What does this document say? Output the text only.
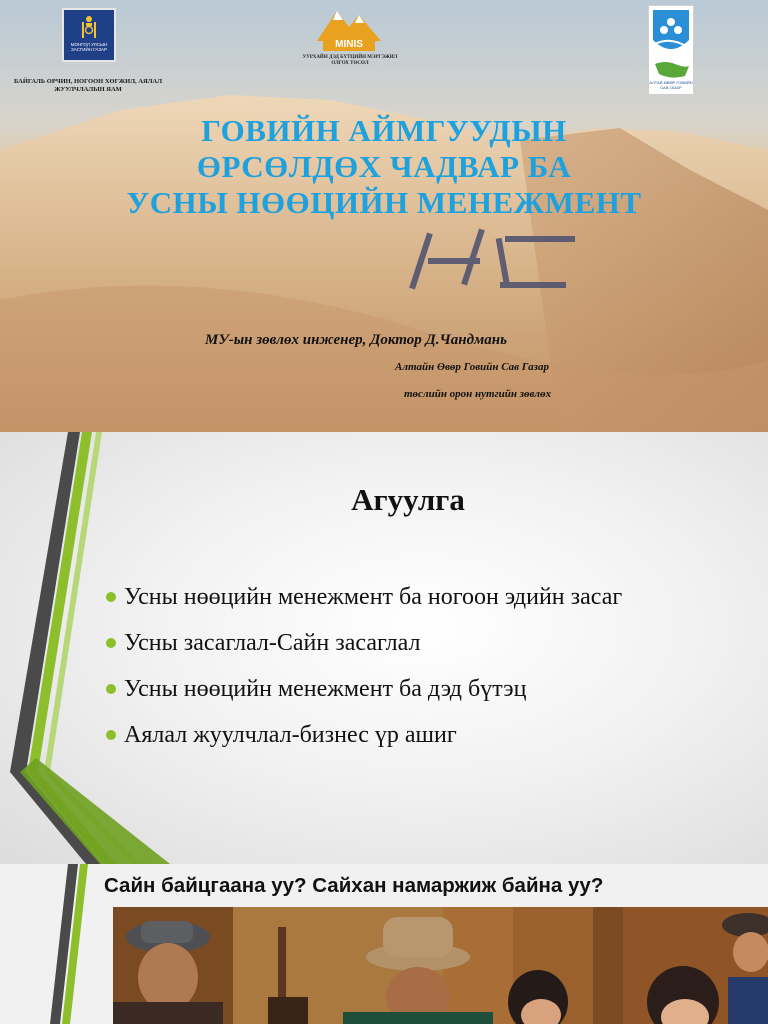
МОНГОЛ УЛСЫН ЗАСГИЙН ГАЗАР
БАЙГАЛЬ ОРЧИН, НОГООН ХӨГЖИЛ, АЯЛАЛ ЖУУЛЧЛАЛЫН ЯАМ
MINIS
УУРХАЙН ДЭД БҮТЦИЙН МЭРГЭЖИЛ ОЛГОХ ТӨСӨЛ
АЛТАЙ ӨВӨР ГОВИЙН САВ ГАЗАР
ГОВИЙН АЙМГУУДЫН
ӨРСӨЛДӨХ ЧАДВАР БА
УСНЫ НӨӨЦИЙН МЕНЕЖМЕНТ
МУ-ын зөвлөх инженер, Доктор Д.Чандмань
Алтайн Өвөр Говийн Сав Газар
төслийн орон нутгийн зөвлөх
Агуулга
Усны нөөцийн менежмент ба ногоон эдийн засаг
Усны засаглал-Сайн засаглал
Усны нөөцийн менежмент ба дэд бүтэц
Аялал жуулчлал-бизнес үр ашиг
Сайн байцгаана уу? Сайхан намаржиж байна уу?
